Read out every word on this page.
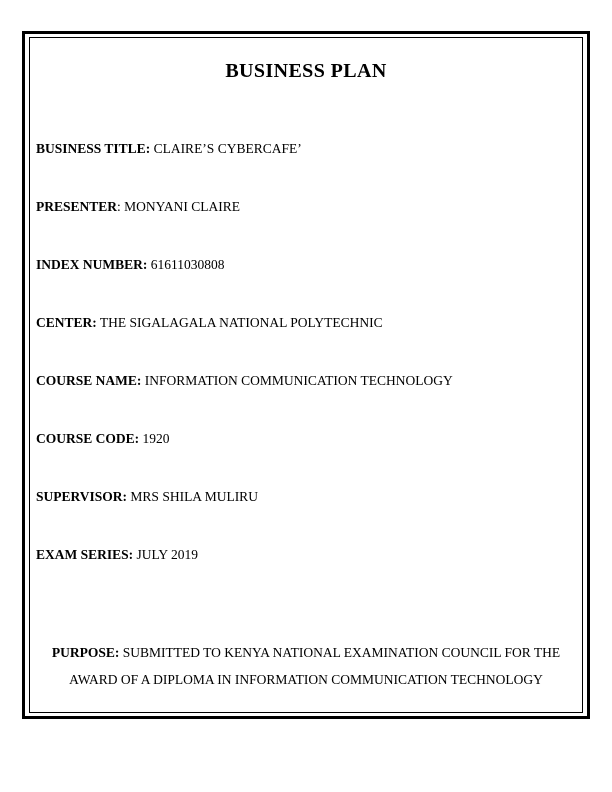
BUSINESS PLAN
BUSINESS TITLE: CLAIRE’S CYBERCAFE’
PRESENTER: MONYANI CLAIRE
INDEX NUMBER: 61611030808
CENTER: THE SIGALAGALA NATIONAL POLYTECHNIC
COURSE NAME: INFORMATION COMMUNICATION TECHNOLOGY
COURSE CODE: 1920
SUPERVISOR: MRS SHILA MULIRU
EXAM SERIES: JULY 2019
PURPOSE: SUBMITTED TO KENYA NATIONAL EXAMINATION COUNCIL FOR THE AWARD OF A DIPLOMA IN INFORMATION COMMUNICATION TECHNOLOGY
